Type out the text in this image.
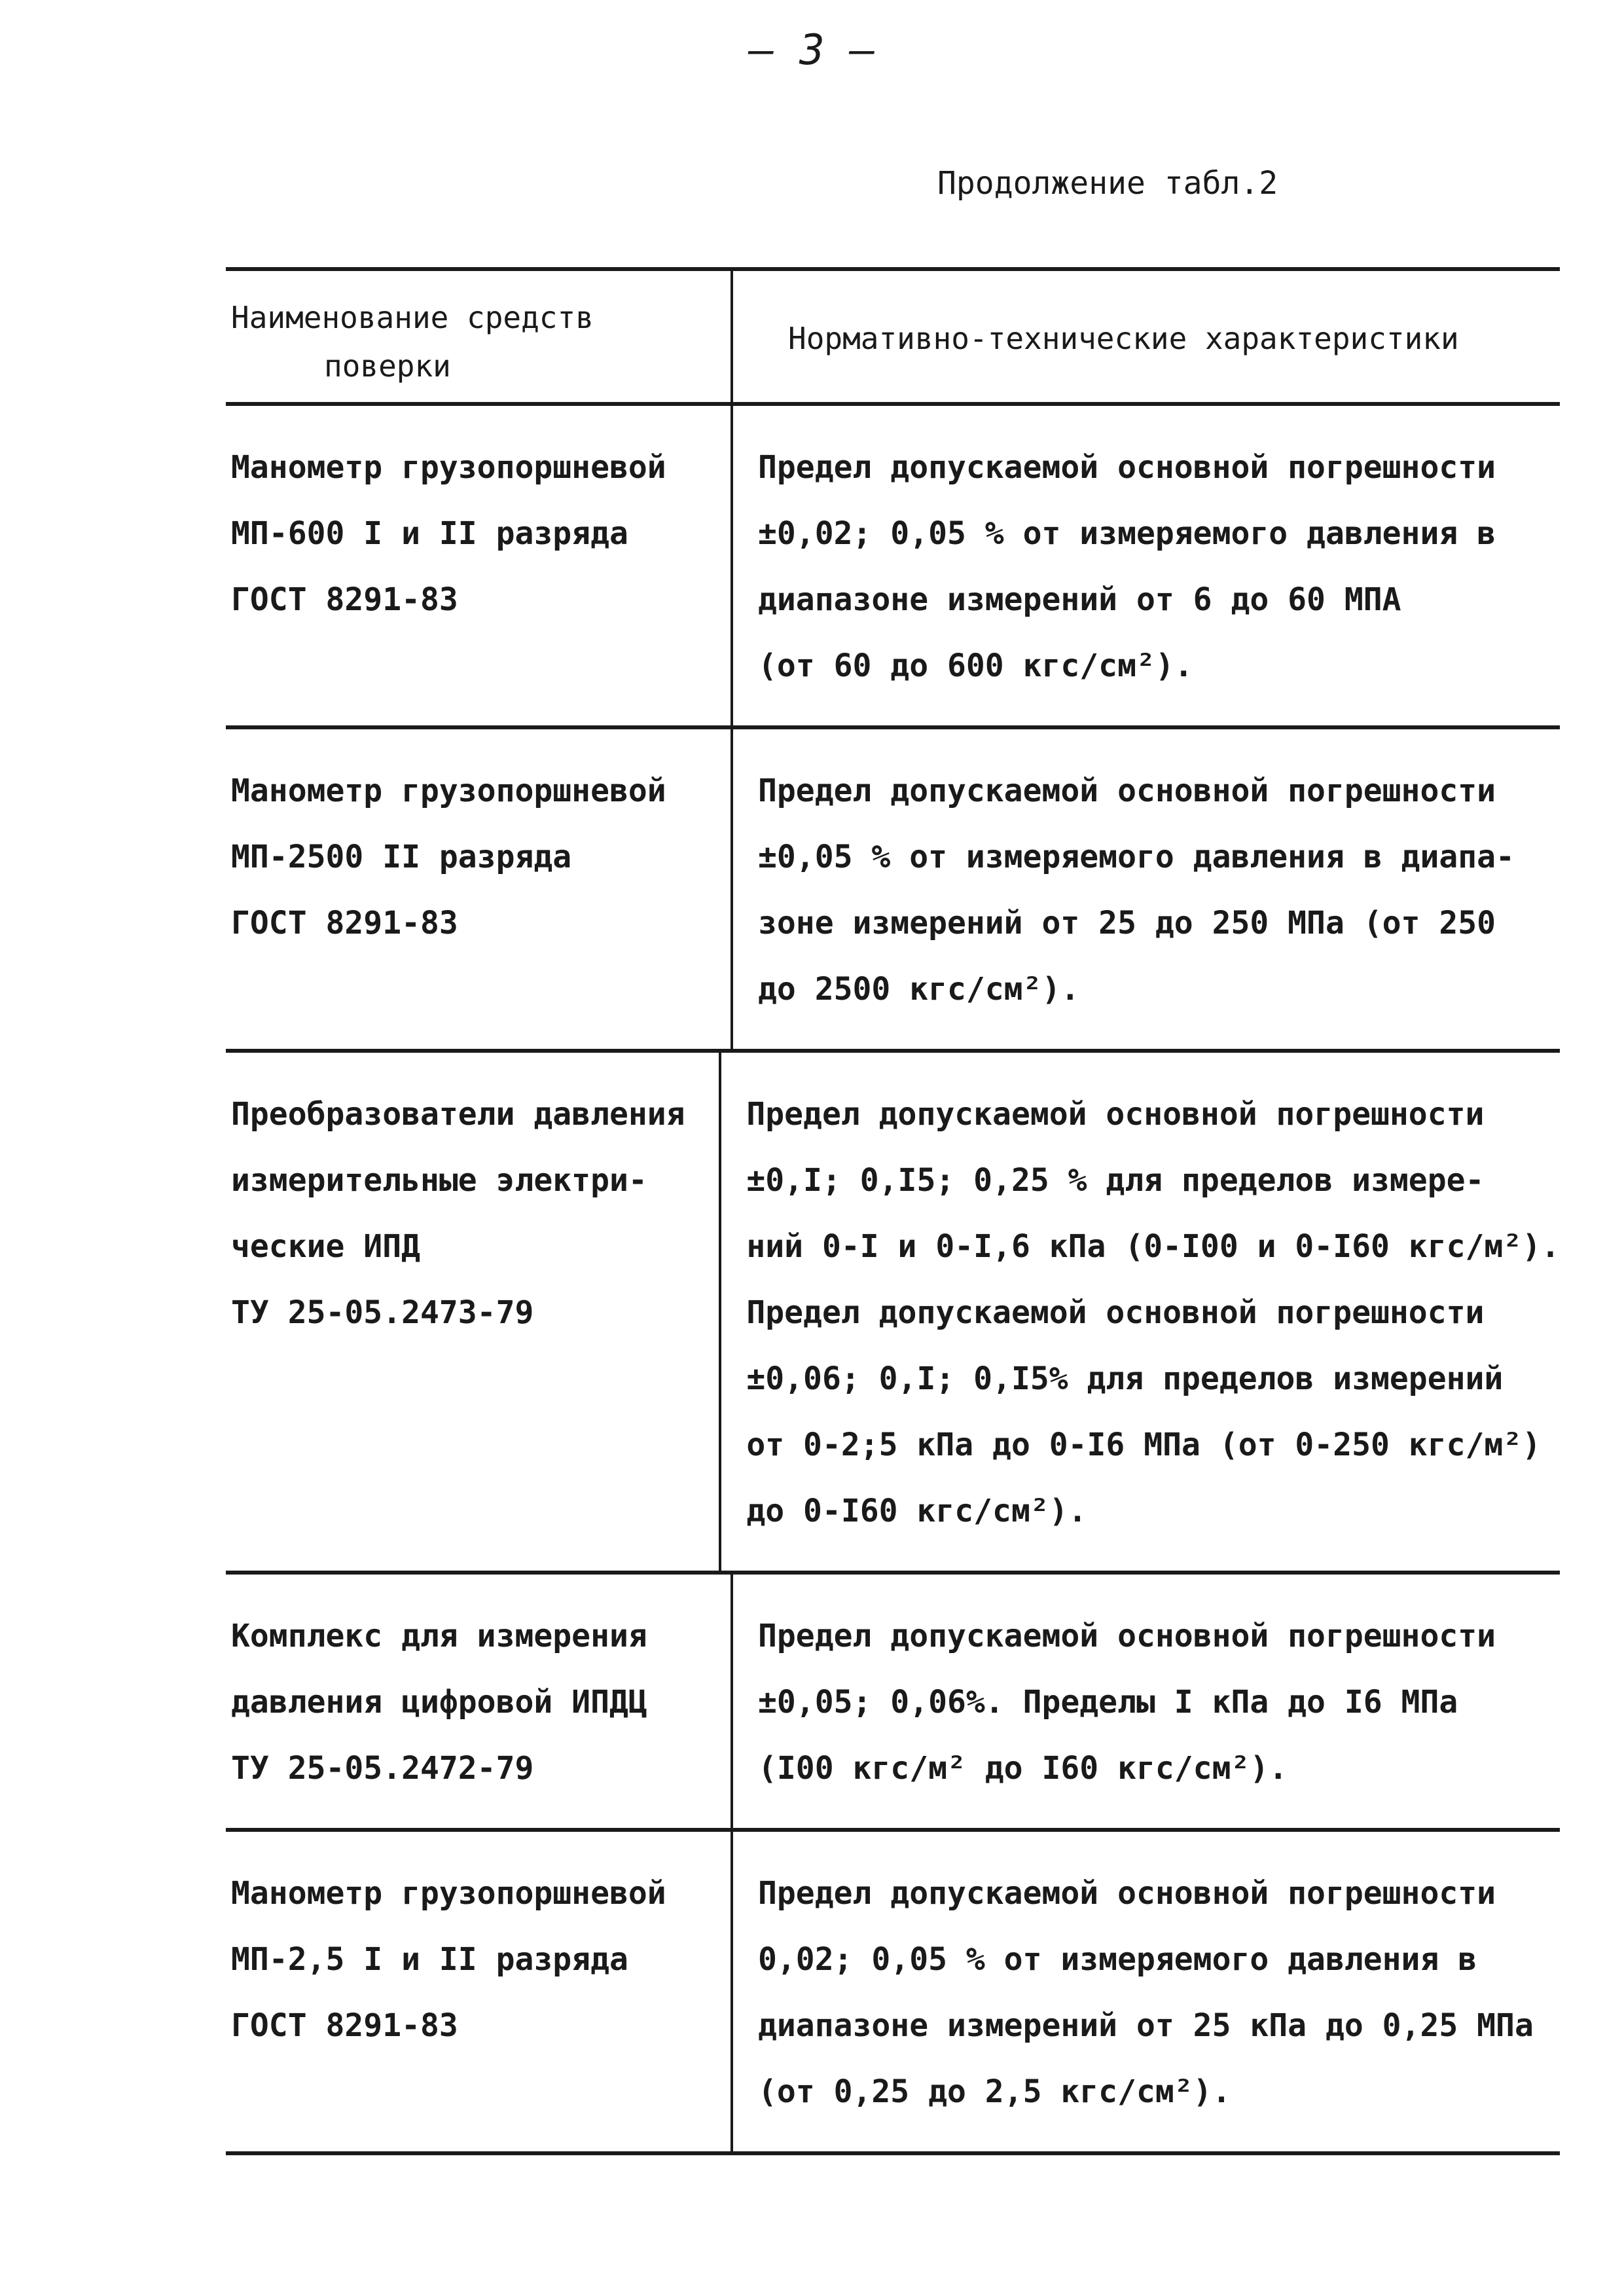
— 3 —
Продолжение табл.2
Наименование средств
поверки
Нормативно-технические характеристики
Манометр грузопоршневой
МП-600 I и II разряда
ГОСТ 8291-83
Предел допускаемой основной погрешности
±0,02; 0,05 % от измеряемого давления в
диапазоне измерений от 6 до 60 МПА
(от 60 до 600 кгс/см²).
Манометр грузопоршневой
МП-2500 II разряда
ГОСТ 8291-83
Предел допускаемой основной погрешности
±0,05 % от измеряемого давления в диапа-
зоне измерений от 25 до 250 МПа (от 250
до 2500 кгс/см²).
Преобразователи давления
измерительные электри-
ческие ИПД
ТУ 25-05.2473-79
Предел допускаемой основной погрешности
±0,I; 0,I5; 0,25 % для пределов измере-
ний 0-I и 0-I,6 кПа (0-I00 и 0-I60 кгс/м²).
Предел допускаемой основной погрешности
±0,06; 0,I; 0,I5% для пределов измерений
от 0-2;5 кПа до 0-I6 МПа (от 0-250 кгс/м²)
до 0-I60 кгс/см²).
Комплекс для измерения
давления цифровой ИПДЦ
ТУ 25-05.2472-79
Предел допускаемой основной погрешности
±0,05; 0,06%. Пределы I кПа до I6 МПа
(I00 кгс/м² до I60 кгс/см²).
Манометр грузопоршневой
МП-2,5 I и II разряда
ГОСТ 8291-83
Предел допускаемой основной погрешности
0,02; 0,05 % от измеряемого давления в
диапазоне измерений от 25 кПа до 0,25 МПа
(от 0,25 до 2,5 кгс/см²).
